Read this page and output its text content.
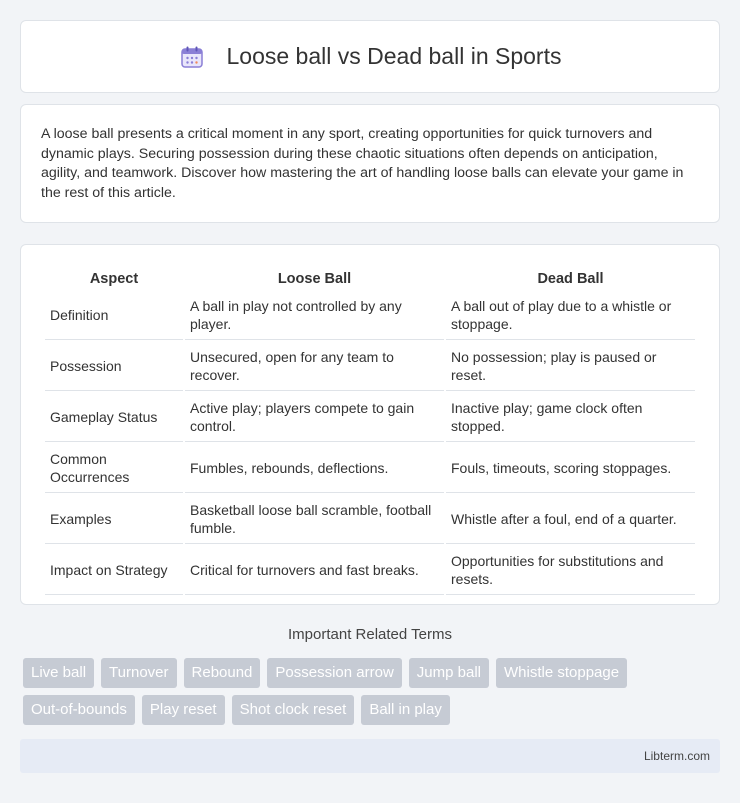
Loose ball vs Dead ball in Sports

A loose ball presents a critical moment in any sport, creating opportunities for quick turnovers and dynamic plays. Securing possession during these chaotic situations often depends on anticipation, agility, and teamwork. Discover how mastering the art of handling loose balls can elevate your game in the rest of this article.

Aspect	Loose Ball	Dead Ball
Definition	A ball in play not controlled by any player.	A ball out of play due to a whistle or stoppage.
Possession	Unsecured, open for any team to recover.	No possession; play is paused or reset.
Gameplay Status	Active play; players compete to gain control.	Inactive play; game clock often stopped.
Common Occurrences	Fumbles, rebounds, deflections.	Fouls, timeouts, scoring stoppages.
Examples	Basketball loose ball scramble, football fumble.	Whistle after a foul, end of a quarter.
Impact on Strategy	Critical for turnovers and fast breaks.	Opportunities for substitutions and resets.
Important Related Terms
Live ball	Turnover	Rebound	Possession arrow	Jump ball	Whistle stoppage
Out-of-bounds	Play reset	Shot clock reset	Ball in play
Libterm.com
